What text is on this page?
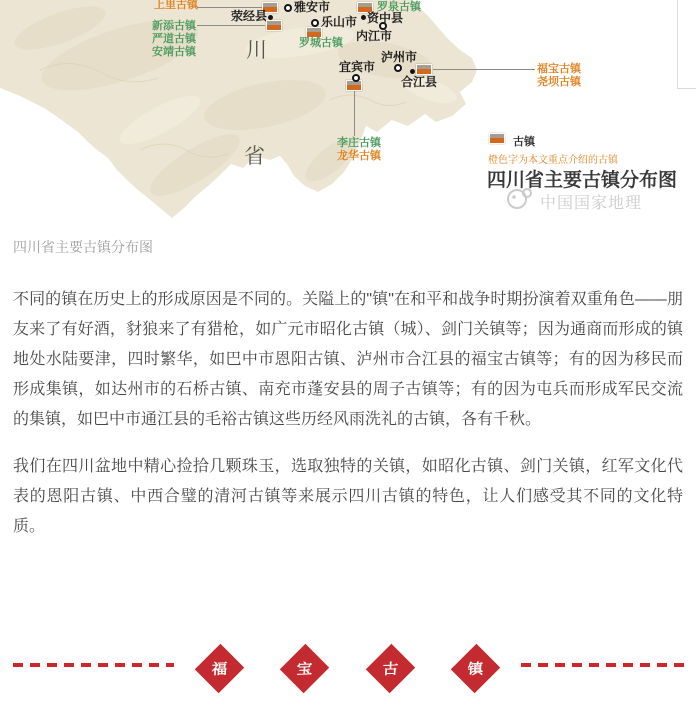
上里古镇
龙华古镇
福宝古镇
尧坝古镇
新添古镇
严道古镇
安靖古镇
罗城古镇
罗泉古镇
李庄古镇
雅安市
乐山市
内江市
泸州市
宜宾市
荥经县	资中县
合江县
川
省
古镇
橙色字为本文重点介绍的古镇
四川省主要古镇分布图
中国国家地理
四川省主要古镇分布图

不同的镇在历史上的形成原因是不同的。关隘上的"镇"在和平和战争时期扮演着双重角色——朋友来了有好酒，豺狼来了有猎枪，如广元市昭化古镇（城）、剑门关镇等；因为通商而形成的镇地处水陆要津，四时繁华，如巴中市恩阳古镇、泸州市合江县的福宝古镇等；有的因为移民而形成集镇，如达州市的石桥古镇、南充市蓬安县的周子古镇等；有的因为屯兵而形成军民交流的集镇，如巴中市通江县的毛裕古镇这些历经风雨洗礼的古镇，各有千秋。

我们在四川盆地中精心捡拾几颗珠玉，选取独特的关镇，如昭化古镇、剑门关镇，红军文化代表的恩阳古镇、中西合璧的清河古镇等来展示四川古镇的特色，让人们感受其不同的文化特质。

福	宝	古	镇
